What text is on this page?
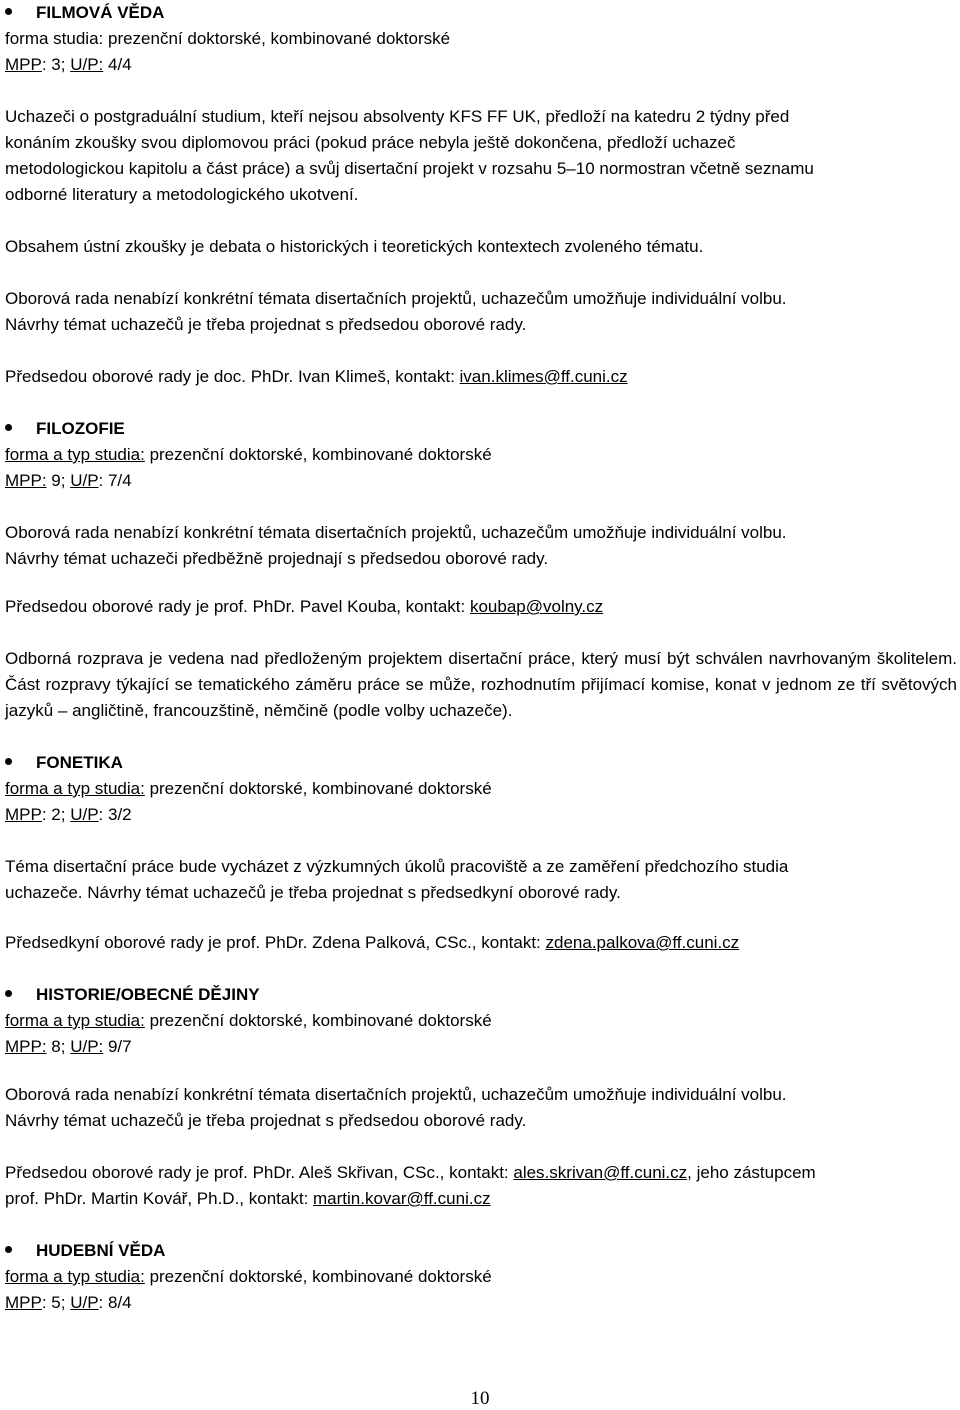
FILMOVÁ VĚDA
forma studia: prezenční doktorské, kombinované doktorské
MPP: 3; U/P: 4/4
Uchazeči o postgraduální studium, kteří nejsou absolventy KFS FF UK, předloží na katedru 2 týdny před
konáním zkoušky svou diplomovou práci (pokud práce nebyla ještě dokončena, předloží uchazeč
metodologickou kapitolu a část práce) a svůj disertační projekt v rozsahu 5–10 normostran včetně seznamu
odborné literatury a metodologického ukotvení.
Obsahem ústní zkoušky je debata o historických i teoretických kontextech zvoleného tématu.
Oborová rada nenabízí konkrétní témata disertačních projektů, uchazečům umožňuje individuální volbu.
Návrhy témat uchazečů je třeba projednat s předsedou oborové rady.
Předsedou oborové rady je doc. PhDr. Ivan Klimeš, kontakt: ivan.klimes@ff.cuni.cz
FILOZOFIE
forma a typ studia: prezenční doktorské, kombinované doktorské
MPP: 9; U/P: 7/4
Oborová rada nenabízí konkrétní témata disertačních projektů, uchazečům umožňuje individuální volbu.
Návrhy témat uchazeči předběžně projednají s předsedou oborové rady.
Předsedou oborové rady je prof. PhDr. Pavel Kouba, kontakt: koubap@volny.cz
Odborná rozprava je vedena nad předloženým projektem disertační práce, který musí být schválen navrhovaným školitelem. Část rozpravy týkající se tematického záměru práce se může, rozhodnutím přijímací komise, konat v jednom ze tří světových jazyků – angličtině, francouzštině, němčině (podle volby uchazeče).
FONETIKA
forma a typ studia: prezenční doktorské, kombinované doktorské
MPP: 2; U/P: 3/2
Téma disertační práce bude vycházet z výzkumných úkolů pracoviště a ze zaměření předchozího studia
uchazeče. Návrhy témat uchazečů je třeba projednat s předsedkyní oborové rady.
Předsedkyní oborové rady je prof. PhDr. Zdena Palková, CSc., kontakt: zdena.palkova@ff.cuni.cz
HISTORIE/OBECNÉ DĚJINY
forma a typ studia: prezenční doktorské, kombinované doktorské
MPP: 8; U/P: 9/7
Oborová rada nenabízí konkrétní témata disertačních projektů, uchazečům umožňuje individuální volbu.
Návrhy témat uchazečů je třeba projednat s předsedou oborové rady.
Předsedou oborové rady je prof. PhDr. Aleš Skřivan, CSc., kontakt: ales.skrivan@ff.cuni.cz, jeho zástupcem
prof. PhDr. Martin Kovář, Ph.D., kontakt: martin.kovar@ff.cuni.cz
HUDEBNÍ VĚDA
forma a typ studia: prezenční doktorské, kombinované doktorské
MPP: 5; U/P: 8/4
10
